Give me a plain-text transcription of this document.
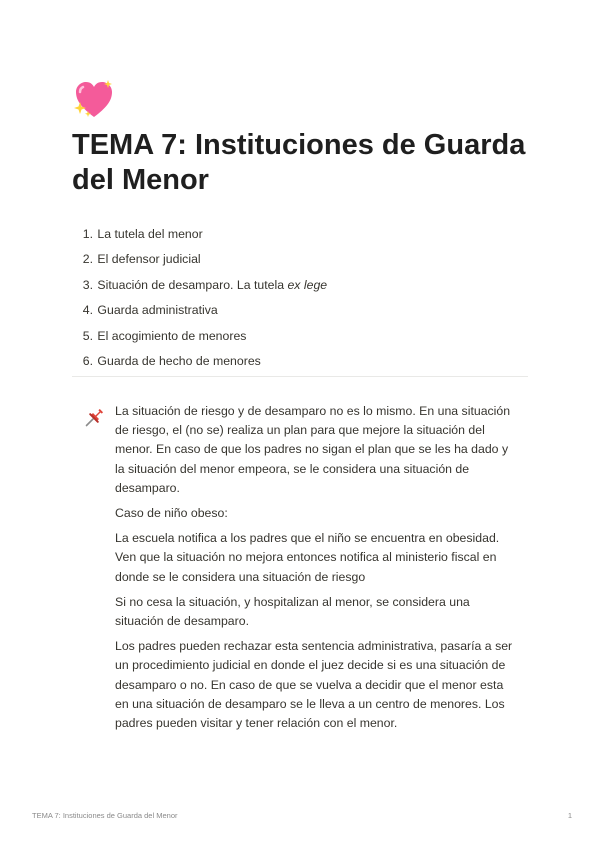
TEMA 7: Instituciones de Guarda del Menor
1.
La tutela del menor
2.
El defensor judicial
3.
Situación de desamparo. La tutela ex lege
4.
Guarda administrativa
5.
El acogimiento de menores
6.
Guarda de hecho de menores

La situación de riesgo y de desamparo no es lo mismo. En una situación de riesgo, el (no se) realiza un plan para que mejore la situación del menor. En caso de que los padres no sigan el plan que se les ha dado y la situación del menor empeora, se le considera una situación de desamparo.

Caso de niño obeso:

La escuela notifica a los padres que el niño se encuentra en obesidad. Ven que la situación no mejora entonces notifica al ministerio fiscal en donde se le considera una situación de riesgo

Si no cesa la situación, y hospitalizan al menor, se considera una situación de desamparo.

Los padres pueden rechazar esta sentencia administrativa, pasaría a ser un procedimiento judicial en donde el juez decide si es una situación de desamparo o no. En caso de que se vuelva a decidir que el menor esta en una situación de desamparo se le lleva a un centro de menores. Los padres pueden visitar y tener relación con el menor.

TEMA 7: Instituciones de Guarda del Menor	1
